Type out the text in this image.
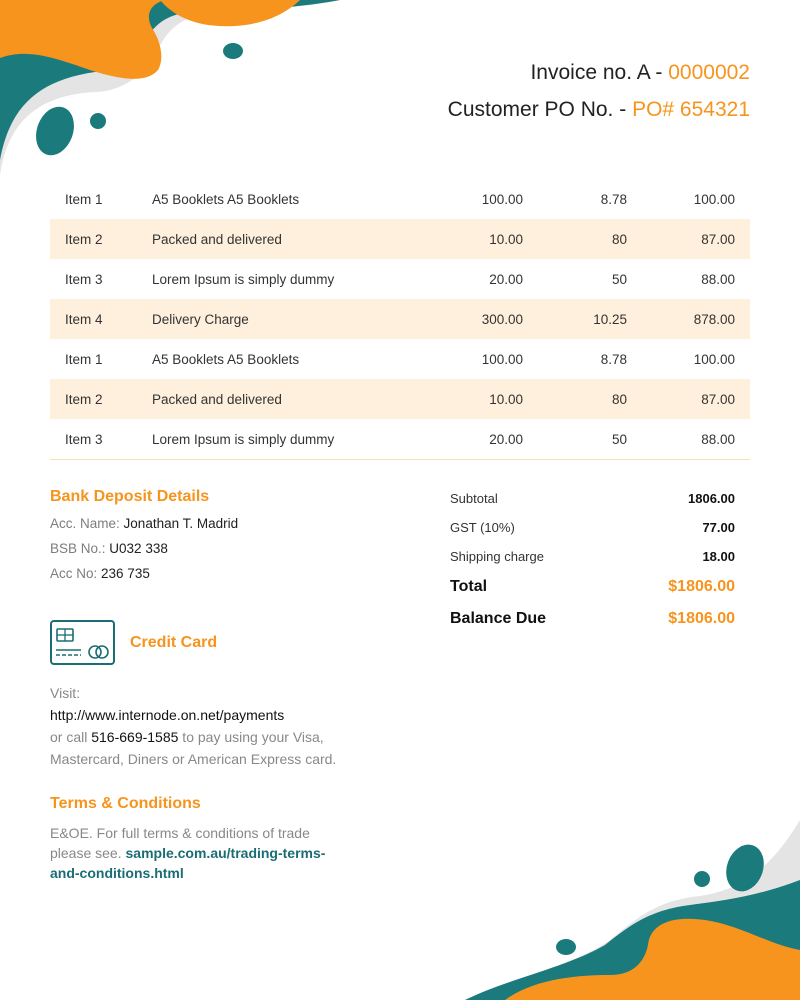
Invoice no. A - 0000002
Customer PO No. - PO# 654321
Item 1	A5 Booklets A5 Booklets	100.00	8.78	100.00
Item 2	Packed and delivered	10.00	80	87.00
Item 3	Lorem Ipsum is simply dummy	20.00	50	88.00
Item 4	Delivery Charge	300.00	10.25	878.00
Item 1	A5 Booklets A5 Booklets	100.00	8.78	100.00
Item 2	Packed and delivered	10.00	80	87.00
Item 3	Lorem Ipsum is simply dummy	20.00	50	88.00
Bank Deposit Details
Acc. Name: Jonathan T. Madrid
BSB No.: U032 338
Acc No: 236 735
Credit Card
Visit:
http://www.internode.on.net/payments
or call 516-669-1585 to pay using your Visa, Mastercard, Diners or American Express card.
Terms & Conditions
E&OE. For full terms & conditions of trade please see. sample.com.au/trading-terms-and-conditions.html
Subtotal	1806.00
GST (10%)	77.00
Shipping charge	18.00
Total	$1806.00
Balance Due	$1806.00
